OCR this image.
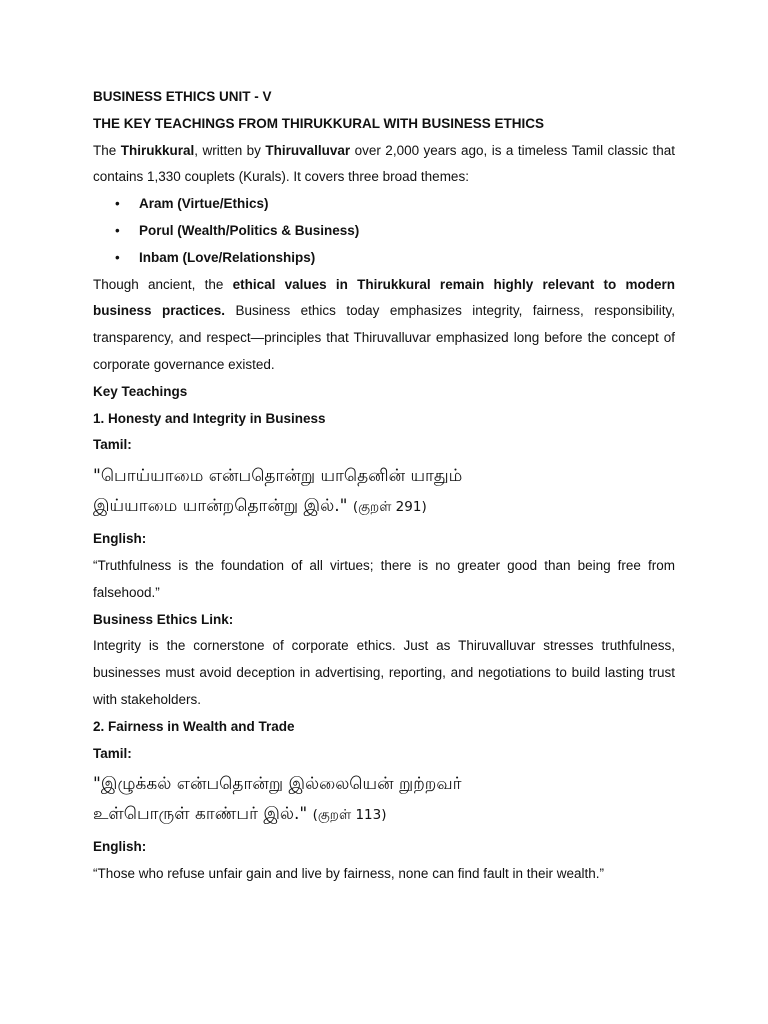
BUSINESS ETHICS UNIT - V

THE KEY TEACHINGS FROM THIRUKKURAL WITH BUSINESS ETHICS

The Thirukkural, written by Thiruvalluvar over 2,000 years ago, is a timeless Tamil classic that contains 1,330 couplets (Kurals). It covers three broad themes:

• Aram (Virtue/Ethics)
• Porul (Wealth/Politics & Business)
• Inbam (Love/Relationships)

Though ancient, the ethical values in Thirukkural remain highly relevant to modern business practices. Business ethics today emphasizes integrity, fairness, responsibility, transparency, and respect—principles that Thiruvalluvar emphasized long before the concept of corporate governance existed.

Key Teachings

1. Honesty and Integrity in Business

Tamil:

"பொய்யாமை என்பதொன்று யாதெனின் யாதும்

இய்யாமை யான்றதொன்று இல்." (குறள் 291)

English:

“Truthfulness is the foundation of all virtues; there is no greater good than being free from falsehood.”

Business Ethics Link:

Integrity is the cornerstone of corporate ethics. Just as Thiruvalluvar stresses truthfulness, businesses must avoid deception in advertising, reporting, and negotiations to build lasting trust with stakeholders.

2. Fairness in Wealth and Trade

Tamil:

"இழுக்கல் என்பதொன்று இல்லையென் றுற்றவர்

உள்பொருள் காண்பர் இல்." (குறள் 113)

English:

“Those who refuse unfair gain and live by fairness, none can find fault in their wealth.”
